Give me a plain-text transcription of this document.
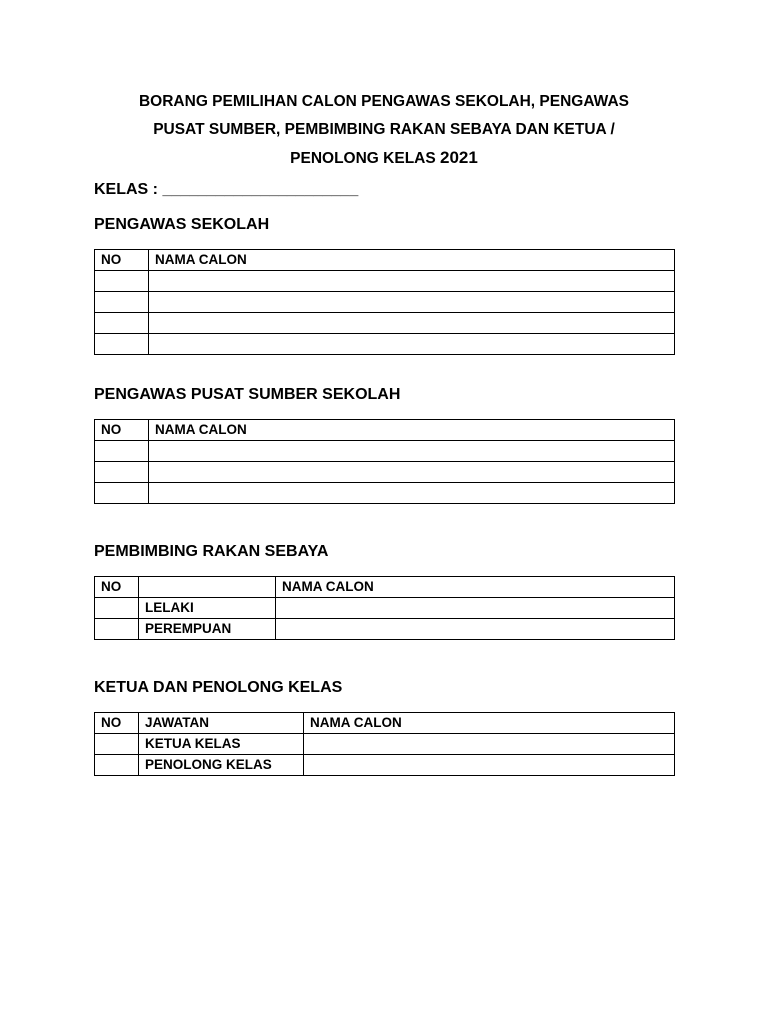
BORANG PEMILIHAN CALON PENGAWAS SEKOLAH, PENGAWAS
PUSAT SUMBER, PEMBIMBING RAKAN SEBAYA DAN KETUA /
PENOLONG KELAS 2021
KELAS : ______________________
PENGAWAS SEKOLAH
NO	NAMA CALON

PENGAWAS PUSAT SUMBER SEKOLAH
NO	NAMA CALON

PEMBIMBING RAKAN SEBAYA
NO		NAMA CALON
	LELAKI	
	PEREMPUAN	
KETUA DAN PENOLONG KELAS
NO	JAWATAN	NAMA CALON
	KETUA KELAS	
	PENOLONG KELAS	
